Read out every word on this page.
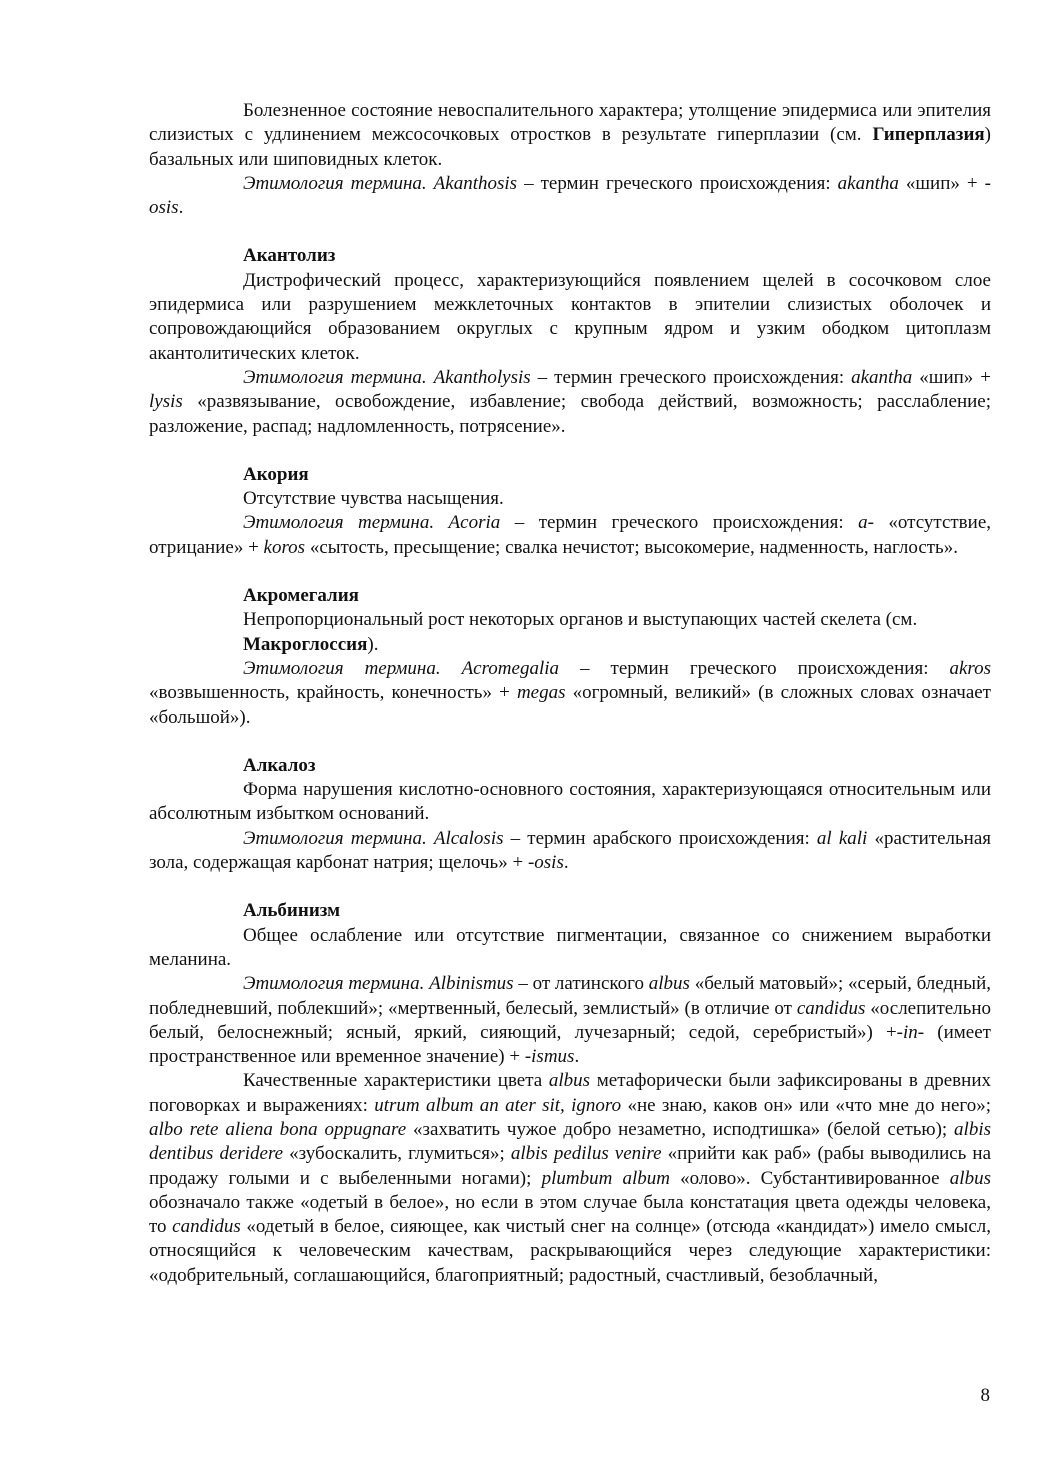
Болезненное состояние невоспалительного характера; утолщение эпидермиса или эпителия слизистых с удлинением межсосочковых отростков в результате гиперплазии (см. Гиперплазия) базальных или шиповидных клеток.

Этимология термина. Akanthosis – термин греческого происхождения: akantha «шип» + -osis.

Акантолиз

Дистрофический процесс, характеризующийся появлением щелей в сосочковом слое эпидермиса или разрушением межклеточных контактов в эпителии слизистых оболочек и сопровождающийся образованием округлых с крупным ядром и узким ободком цитоплазм акантолитических клеток.

Этимология термина. Akantholysis – термин греческого происхождения: akantha «шип» + lysis «развязывание, освобождение, избавление; свобода действий, возможность; расслабление; разложение, распад; надломленность, потрясение».

Акория

Отсутствие чувства насыщения.

Этимология термина. Acoria – термин греческого происхождения: a- «отсутствие, отрицание» + koros «сытость, пресыщение; свалка нечистот; высокомерие, надменность, наглость».

Акромегалия

Непропорциональный рост некоторых органов и выступающих частей скелета (см.
Макроглоссия).

Этимология термина. Acromegalia – термин греческого происхождения: akros «возвышенность, крайность, конечность» + megas «огромный, великий» (в сложных словах означает «большой»).

Алкалоз

Форма нарушения кислотно-основного состояния, характеризующаяся относительным или абсолютным избытком оснований.

Этимология термина. Alcalosis – термин арабского происхождения: al kali «растительная зола, содержащая карбонат натрия; щелочь» + -osis.

Альбинизм

Общее ослабление или отсутствие пигментации, связанное со снижением выработки меланина.

Этимология термина. Albinismus – от латинского albus «белый матовый»; «серый, бледный, побледневший, поблекший»; «мертвенный, белесый, землистый» (в отличие от candidus «ослепительно белый, белоснежный; ясный, яркий, сияющий, лучезарный; седой, серебристый») +-in- (имеет пространственное или временное значение) + -ismus.

Качественные характеристики цвета albus метафорически были зафиксированы в древних поговорках и выражениях: utrum album an ater sit, ignoro «не знаю, каков он» или «что мне до него»; albo rete aliena bona oppugnare «захватить чужое добро незаметно, исподтишка» (белой сетью); albis dentibus deridere «зубоскалить, глумиться»; albis pedilus venire «прийти как раб» (рабы выводились на продажу голыми и с выбеленными ногами); plumbum album «олово». Субстантивированное albus обозначало также «одетый в белое», но если в этом случае была констатация цвета одежды человека, то candidus «одетый в белое, сияющее, как чистый снег на солнце» (отсюда «кандидат») имело смысл, относящийся к человеческим качествам, раскрывающийся через следующие характеристики: «одобрительный, соглашающийся, благоприятный; радостный, счастливый, безоблачный,

8
